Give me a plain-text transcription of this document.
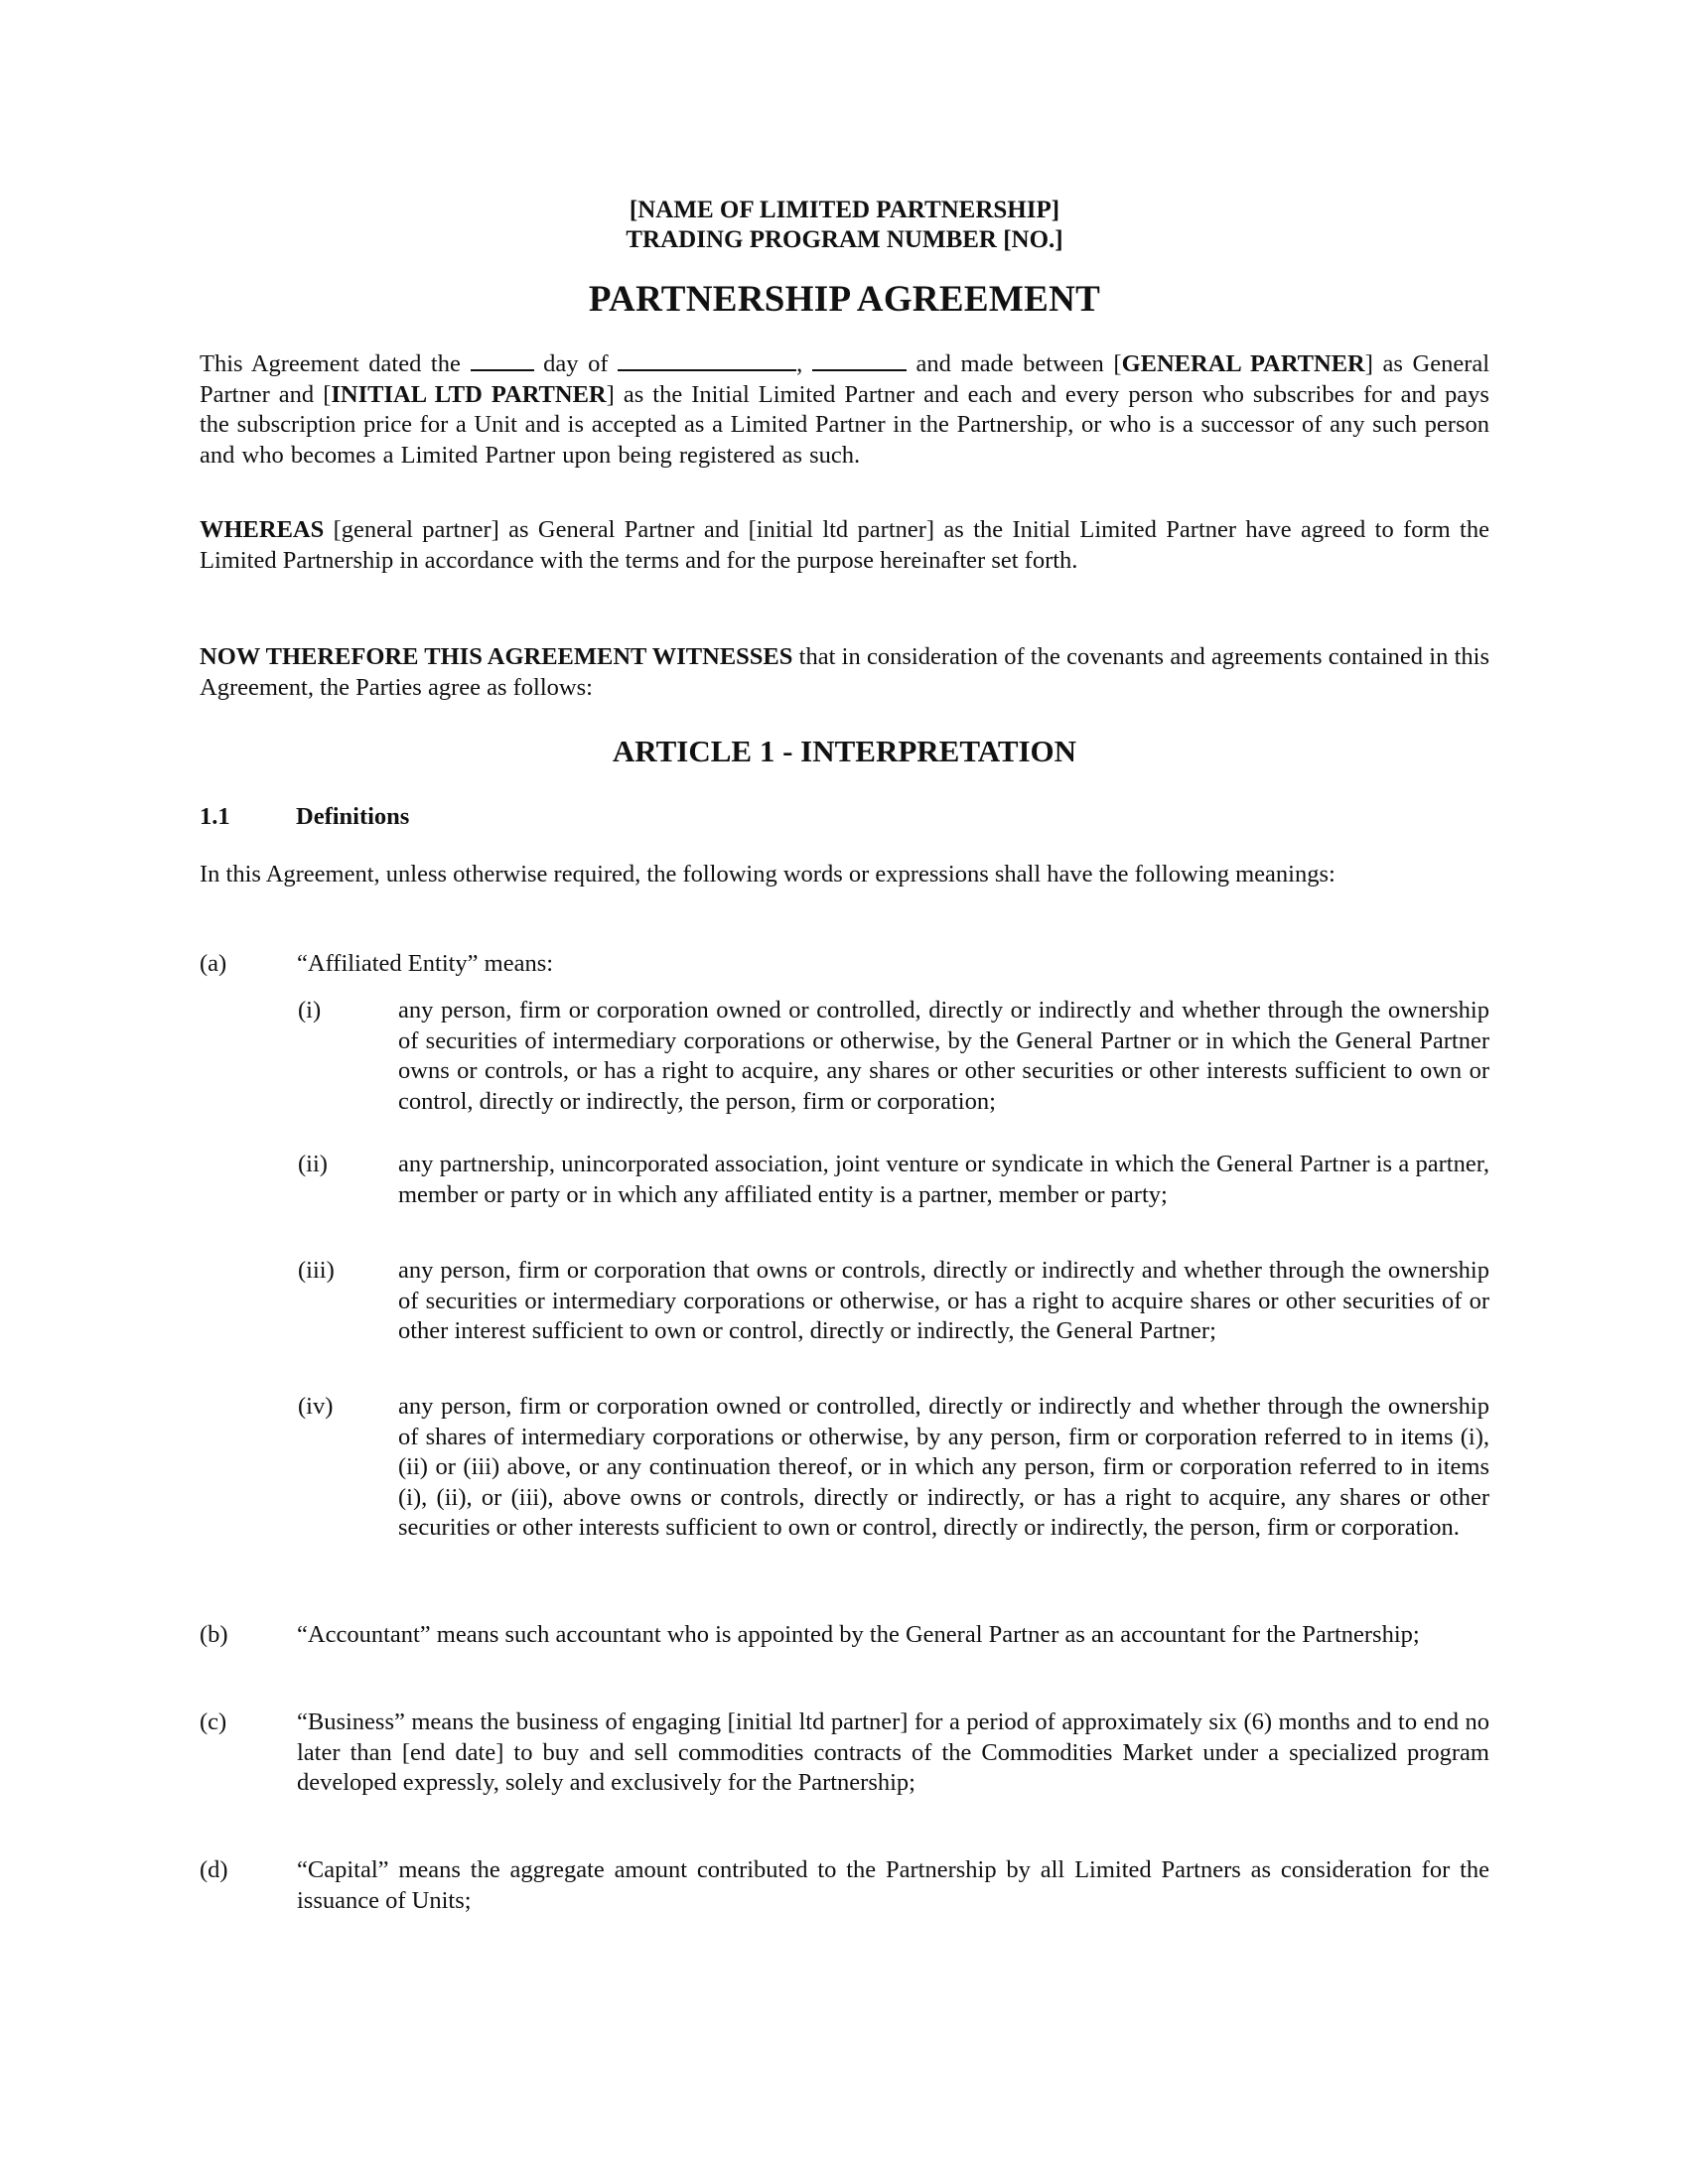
[NAME OF LIMITED PARTNERSHIP]
TRADING PROGRAM NUMBER [NO.]
PARTNERSHIP AGREEMENT
This Agreement dated the	day of	,	and made between [GENERAL PARTNER] as General Partner and [INITIAL LTD PARTNER] as the Initial Limited Partner and each and every person who subscribes for and pays the subscription price for a Unit and is accepted as a Limited Partner in the Partnership, or who is a successor of any such person and who becomes a Limited Partner upon being registered as such.
WHEREAS [general partner] as General Partner and [initial ltd partner] as the Initial Limited Partner have agreed to form the Limited Partnership in accordance with the terms and for the purpose hereinafter set forth.
NOW THEREFORE THIS AGREEMENT WITNESSES that in consideration of the covenants and agreements contained in this Agreement, the Parties agree as follows:
ARTICLE 1 - INTERPRETATION
1.1	Definitions
In this Agreement, unless otherwise required, the following words or expressions shall have the following meanings:
(a)	“Affiliated Entity” means:
(i)	any person, firm or corporation owned or controlled, directly or indirectly and whether through the ownership of securities of intermediary corporations or otherwise, by the General Partner or in which the General Partner owns or controls, or has a right to acquire, any shares or other securities or other interests sufficient to own or control, directly or indirectly, the person, firm or corporation;
(ii)	any partnership, unincorporated association, joint venture or syndicate in which the General Partner is a partner, member or party or in which any affiliated entity is a partner, member or party;
(iii)	any person, firm or corporation that owns or controls, directly or indirectly and whether through the ownership of securities or intermediary corporations or otherwise, or has a right to acquire shares or other securities of or other interest sufficient to own or control, directly or indirectly, the General Partner;
(iv)	any person, firm or corporation owned or controlled, directly or indirectly and whether through the ownership of shares of intermediary corporations or otherwise, by any person, firm or corporation referred to in items (i), (ii) or (iii) above, or any continuation thereof, or in which any person, firm or corporation referred to in items (i), (ii), or (iii), above owns or controls, directly or indirectly, or has a right to acquire, any shares or other securities or other interests sufficient to own or control, directly or indirectly, the person, firm or corporation.
(b)	“Accountant” means such accountant who is appointed by the General Partner as an accountant for the Partnership;
(c)	“Business” means the business of engaging [initial ltd partner] for a period of approximately six (6) months and to end no later than [end date] to buy and sell commodities contracts of the Commodities Market under a specialized program developed expressly, solely and exclusively for the Partnership;
(d)	“Capital” means the aggregate amount contributed to the Partnership by all Limited Partners as consideration for the issuance of Units;
